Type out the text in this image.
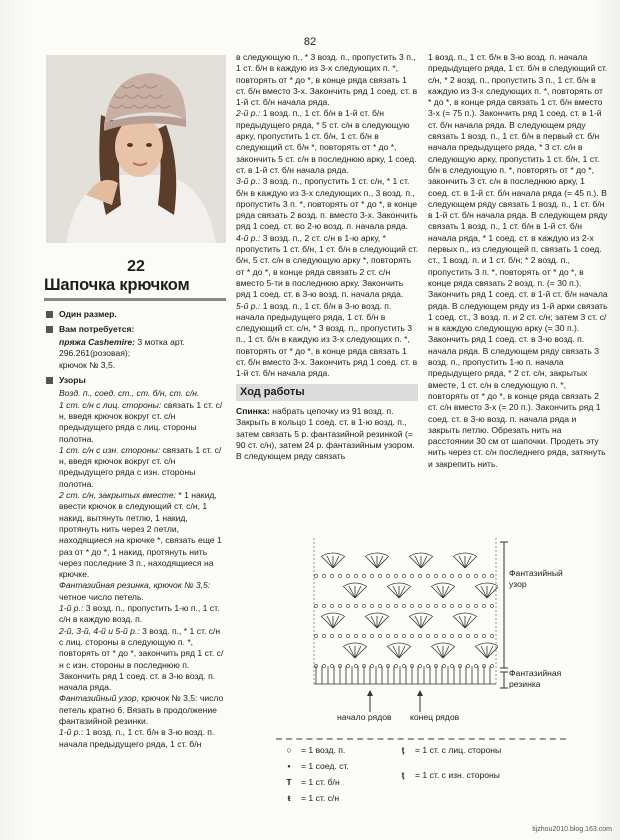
82
22
Шапочка крючком
Один размер.
Вам потребуется:

пряжа Cashemire: 3 мотка арт. 296.261(розовая);

крючок № 3,5.

Узоры

Возд. п., соед. ст., ст. б/н, ст. с/н.

1 ст. с/н с лиц. стороны: связать 1 ст. с/н, введя крючок вокруг ст. с/н предыдущего ряда с лиц. стороны полотна.

1 ст. с/н с изн. стороны: связать 1 ст. с/н, введя крючок вокруг ст. с/н предыдущего ряда с изн. стороны полотна.

2 ст. с/н, закрытых вместе: * 1 накид, ввести крючок в следующий ст. с/н, 1 накид, вытянуть петлю, 1 накид, протянуть нить через 2 петли, находящиеся на крючке *, связать еще 1 раз от * до *, 1 накид, протянуть нить через последние 3 п., находящиеся на крючке.

Фантазийная резинка, крючок № 3,5: четное число петель.

1-й р.: 3 возд. п., пропустить 1-ю п., 1 ст. с/н в каждую возд. п.

2-й, 3-й, 4-й и 5-й р.: 3 возд. п., * 1 ст. с/н с лиц. стороны в следующую п. *, повторять от * до *, закончить ряд 1 ст. с/н с изн. стороны в последнюю п. Закончить ряд 1 соед. ст. в 3-ю возд. п. начала ряда.

Фантазийный узор, крючок № 3,5: число петель кратно 6. Вязать в продолжение фантазийной резинки.

1-й р.: 1 возд. п., 1 ст. б/н в 3-ю возд. п. начала предыдущего ряда, 1 ст. б/н

в следующую п., * 3 возд. п., пропустить 3 п., 1 ст. б/н в каждую из 3-х следующих п. *, повторять от * до *, в конце ряда связать 1 ст. б/н вместо 3-х. Закончить ряд 1 соед. ст. в 1-й ст. б/н начала ряда.

2-й р.: 1 возд. п., 1 ст. б/н в 1-й ст. б/н предыдущего ряда, * 5 ст. с/н в следующую арку, пропустить 1 ст. б/н, 1 ст. б/н в следующий ст. б/н *, повторять от * до *, закончить 5 ст. с/н в последнюю арку, 1 соед. ст. в 1-й ст. б/н начала ряда.

3-й р.: 3 возд. п., пропустить 1 ст. с/н, * 1 ст. б/н в каждую из 3-х следующих п., 3 возд. п., пропустить 3 п. *, повторять от * до *, в конце ряда связать 2 возд. п. вместо 3-х. Закончить ряд 1 соед. ст. во 2-ю возд. п. начала ряда.

4-й р.: 3 возд. п., 2 ст. с/н в 1-ю арку, * пропустить 1 ст. б/н, 1 ст. б/н в следующий ст. б/н, 5 ст. с/н в следующую арку *, повторять от * до *, в конце ряда связать 2 ст. с/н вместо 5-ти в последнюю арку. Закончить ряд 1 соед. ст. в 3-ю возд. п. начала ряда.

5-й р.: 1 возд. п., 1 ст. б/н в 3-ю возд. п. начала предыдущего ряда, 1 ст. б/н в следующий ст. с/н, * 3 возд. п., пропустить 3 п., 1 ст. б/н в каждую из 3-х следующих п. *, повторять от * до *, в конце ряда связать 1 ст. б/н вместо 3-х. Закончить ряд 1 соед. ст. в 1-й ст. б/н начала ряда.

Ход работы

Спинка: набрать цепочку из 91 возд. п. Закрыть в кольцо 1 соед. ст. в 1-ю возд. п., затем связать 5 р. фантазийной резинкой (= 90 ст. с/н), затем 24 р. фантазийным узором. В следующем ряду связать

1 возд. п., 1 ст. б/н в 3-ю возд. п. начала предыдущего ряда, 1 ст. б/н в следующий ст. с/н, * 2 возд. п., пропустить 3 п., 1 ст. б/н в каждую из 3-х следующих п. *, повторять от * до *, в конце ряда связать 1 ст. б/н вместо 3-х (= 75 п.). Закончить ряд 1 соед. ст. в 1-й ст. б/н начала ряда. В следующем ряду связать 1 возд. п., 1 ст. б/н в первый ст. б/н начала предыдущего ряда, * 3 ст. с/н в следующую арку, пропустить 1 ст. б/н, 1 ст. б/н в следующую п. *, повторять от * до *, закончить 3 ст. с/н в последнюю арку, 1 соед. ст. в 1-й ст. б/н начала ряда (= 45 п.). В следующем ряду связать 1 возд. п., 1 ст. б/н в 1-й ст. б/н начала ряда. В следующем ряду связать 1 возд. п., 1 ст. б/н в 1-й ст. б/н начала ряда, * 1 соед. ст. в каждую из 2-х первых п., из следующей п. связать 1 соед. ст., 1 возд. п. и 1 ст. б/н; * 2 возд. п., пропустить 3 п. *, повторять от * до *, в конце ряда связать 2 возд. п. (= 30 п.). Закончить ряд 1 соед. ст. в 1-й ст. б/н начала ряда. В следующем ряду из 1-й арки связать 1 соед. ст., 3 возд. п. и 2 ст. с/н; затем 3 ст. с/н в каждую следующую арку (= 30 п.). Закончить ряд 1 соед. ст. в 3-ю возд. п. начала ряда. В следующем ряду связать 3 возд. п., пропустить 1-ю п. начала предыдущего ряда, * 2 ст. с/н, закрытых вместе, 1 ст. с/н в следующую п. *, повторять от * до *, в конце ряда связать 2 ст. с/н вместо 3-х (= 20 п.). Закончить ряд 1 соед. ст. в 3-ю возд. п. начала ряда и закрыть петлю. Обрезать нить на расстоянии 30 см от шапочки. Продеть эту нить через ст. с/н последнего ряда, затянуть и закрепить нить.

Фантазийный
узор
Фантазийная
резинка
начало рядов конец рядов
○	= 1 возд. п.
•	= 1 соед. ст.
T	= 1 ст. б/н
ŧ	= 1 ст. с/н
ţ	= 1 ст. с лиц. стороны
ţ	= 1 ст. с изн. стороны
tijzhou2010.blog.163.com
